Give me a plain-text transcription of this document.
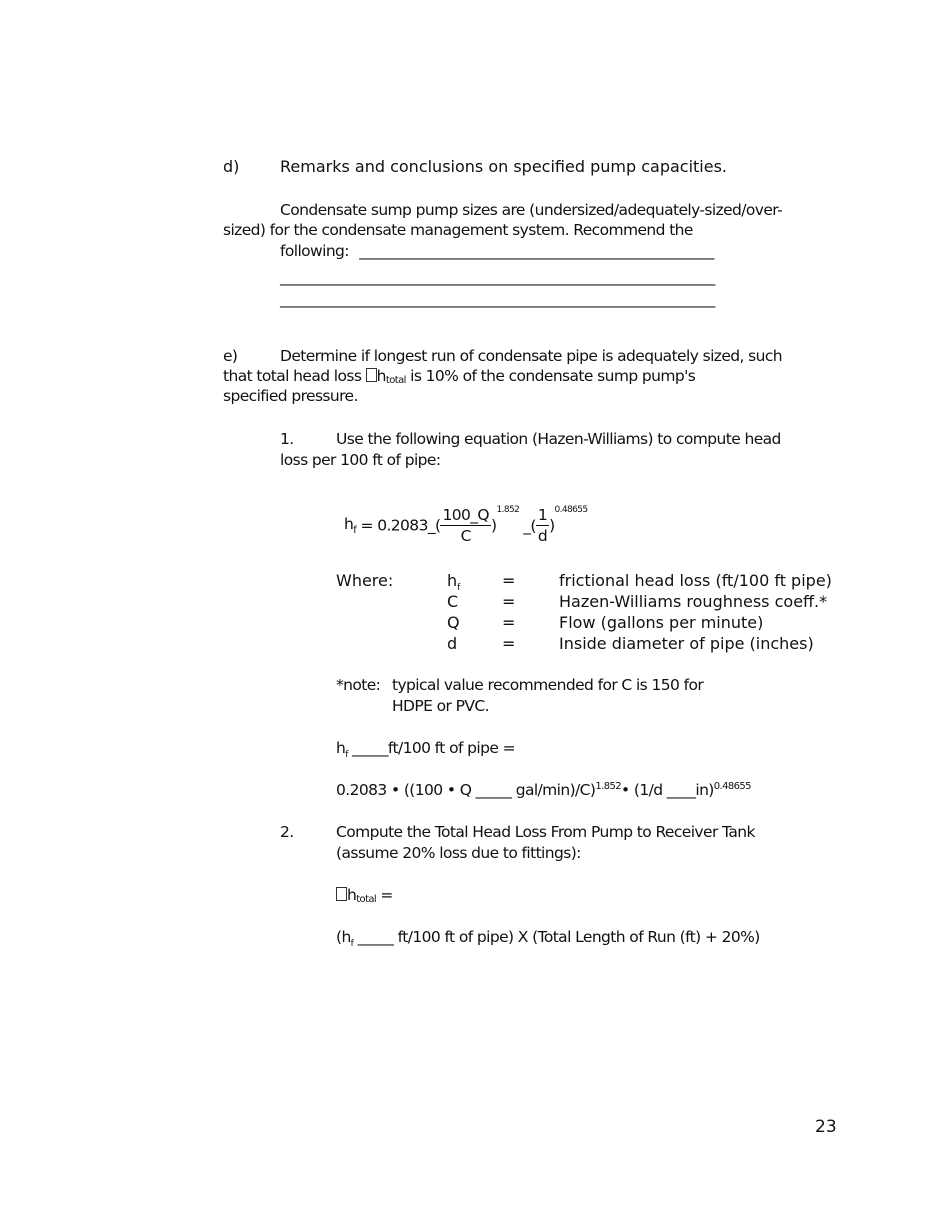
d)	Remarks and conclusions on specified pump capacities.
Condensate sump pump sizes are (undersized/adequately-sized/over-
sized) for the condensate management system. Recommend the
following: _______________________________________________
__________________________________________________________
__________________________________________________________
e)	Determine if longest run of condensate pipe is adequately sized, such
that total head loss $h_{total}$ is 10% of the condensate sump pump's
specified pressure.
1.	Use the following equation (Hazen-Williams) to compute head
loss per 100 ft of pipe:
$h_f$ = 0.2083_( $\frac{100\_Q}{C}$ )$^{1.852}$_( $\frac{1}{d} )^{0.48655}$
Where:	$h_f$	=	frictional head loss (ft/100 ft pipe)
C	=	Hazen-Williams roughness coeff.*
Q	=	Flow (gallons per minute)
d	=	Inside diameter of pipe (inches)
*note: typical value recommended for C is 150 for
HDPE or PVC.
$h_f$ _____ft/100 ft of pipe =
0.2083 • ((100 • Q _____ gal/min)/C)$^{1.852}$• (1/d ____in)$^{0.48655}$
2.	Compute the Total Head Loss From Pump to Receiver Tank
(assume 20% loss due to fittings):
$h_{total}$ =
($h_f$ _____ ft/100 ft of pipe) X (Total Length of Run (ft) + 20%)
23
